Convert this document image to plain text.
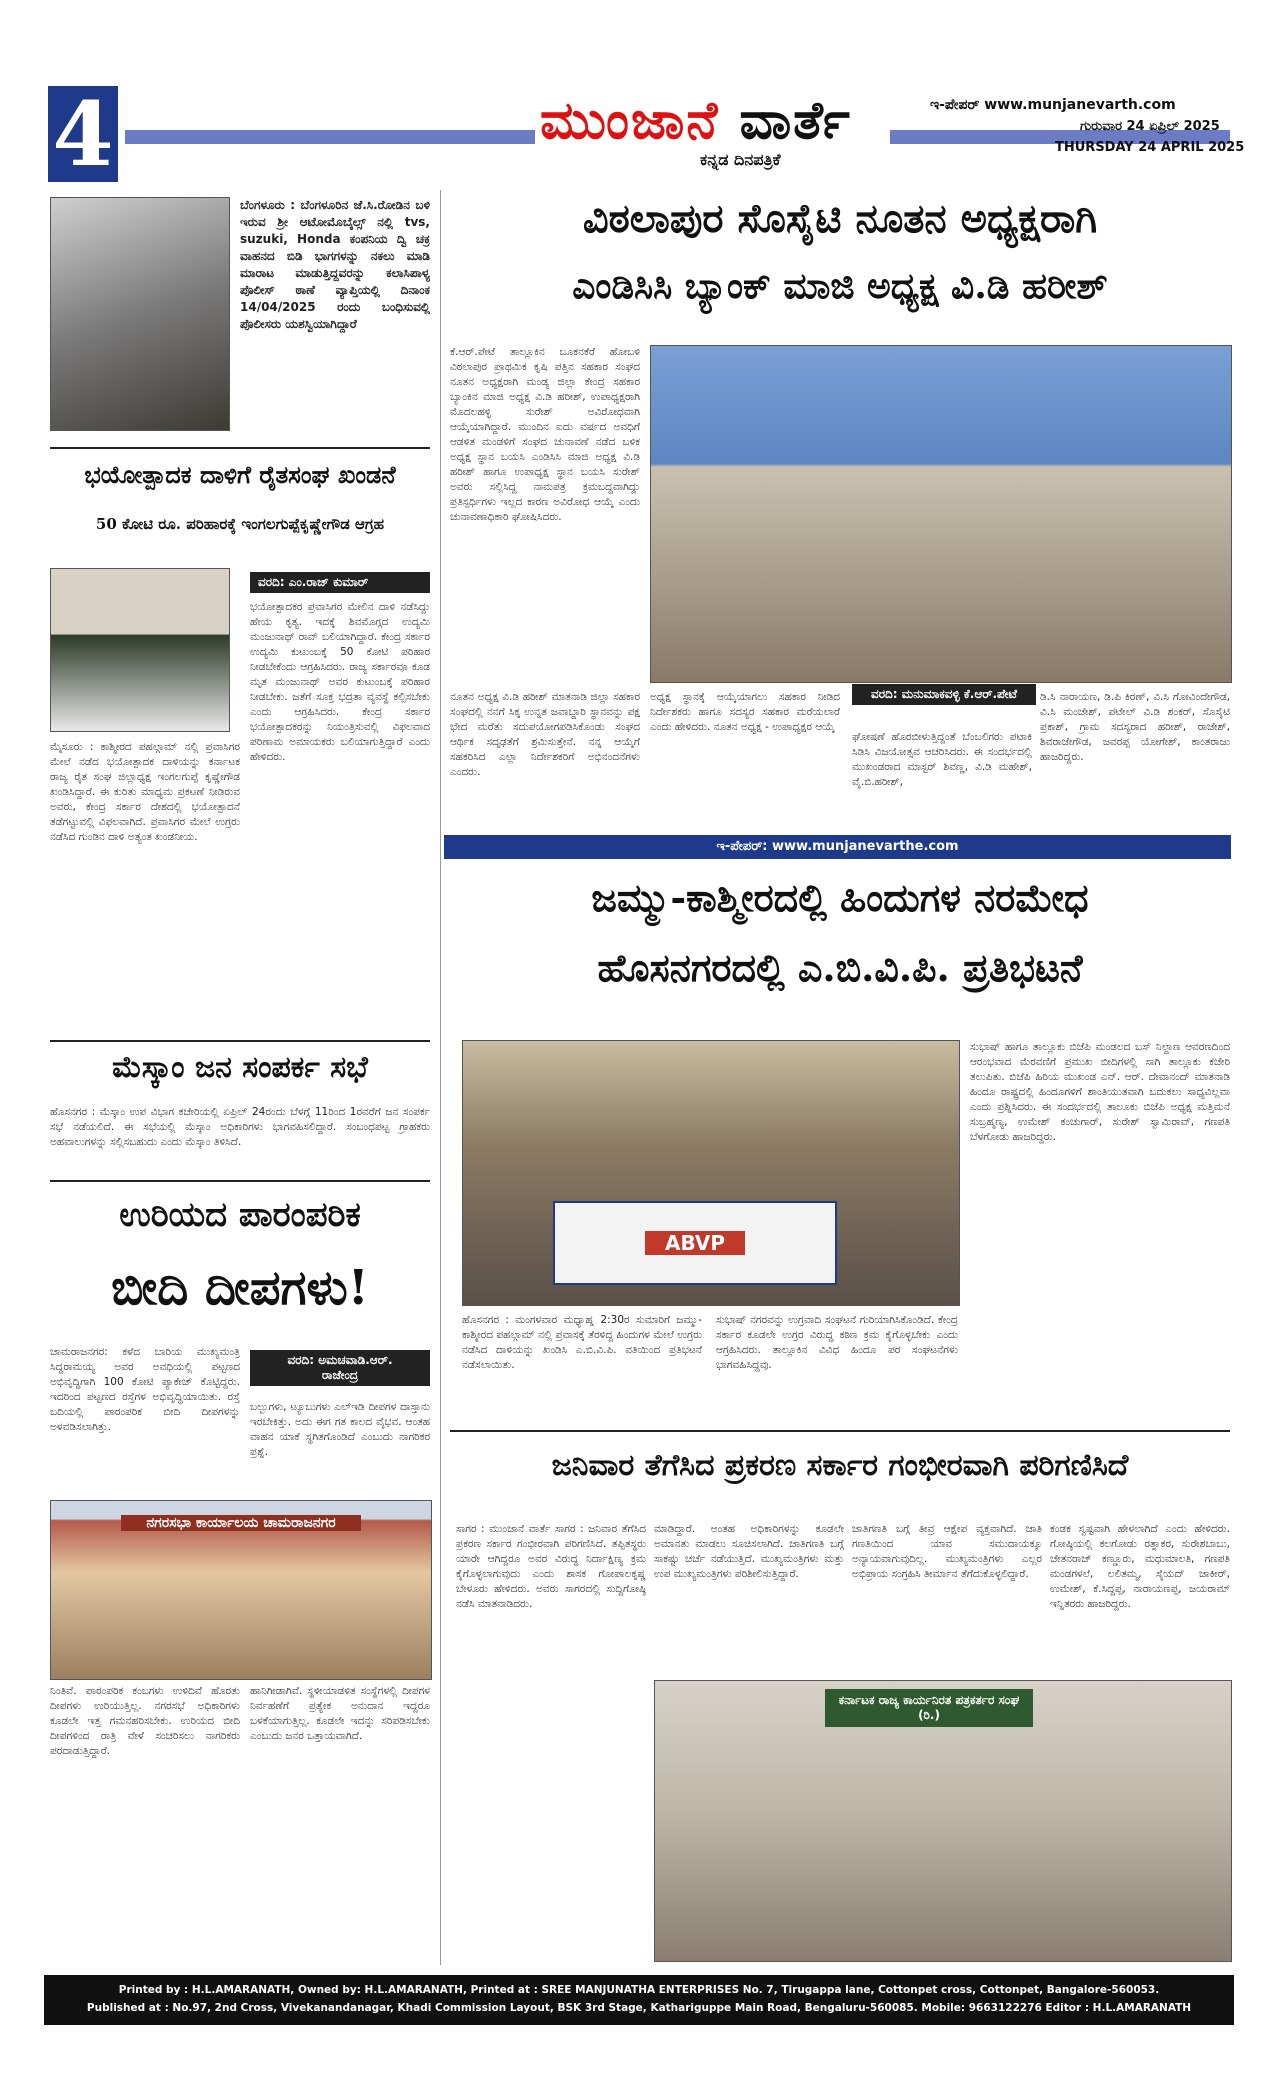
4	ಮುಂಜಾನೆ ವಾರ್ತೆ
ಕನ್ನಡ ದಿನಪತ್ರಿಕೆ
ಇ-ಪೇಪರ್ www.munjanevarth.com
ಗುರುವಾರ 24 ಏಪ್ರಿಲ್ 2025
THURSDAY 24 APRIL 2025
ಬೆಂಗಳೂರು : ಬೆಂಗಳೂರಿನ ಜೆ.ಸಿ.ರೋಡಿನ ಬಳಿ ಇರುವ ಶ್ರೀ ಆಟೋಮೊಬೈಲ್ಸ್ ನಲ್ಲಿ tvs, suzuki, Honda ಕಂಪನಿಯ ದ್ವಿ ಚಕ್ರ ವಾಹನದ ಬಿಡಿ ಭಾಗಗಳನ್ನು ನಕಲು ಮಾಡಿ ಮಾರಾಟ ಮಾಡುತ್ತಿದ್ದವರನ್ನು ಕಲಾಸಿಪಾಳ್ಯ ಪೊಲೀಸ್ ಠಾಣೆ ವ್ಯಾಪ್ತಿಯಲ್ಲಿ ದಿನಾಂಕ 14/04/2025 ರಂದು ಬಂಧಿಸುವಲ್ಲಿ ಪೊಲೀಸರು ಯಶಸ್ವಿಯಾಗಿದ್ದಾರೆ
ಭಯೋತ್ಪಾದಕ ದಾಳಿಗೆ ರೈತಸಂಘ ಖಂಡನೆ
50 ಕೋಟಿ ರೂ. ಪರಿಹಾರಕ್ಕೆ ಇಂಗಲಗುಪ್ಪೆಕೃಷ್ಣೇಗೌಡ ಆಗ್ರಹ
ವರದಿ: ಎಂ.ರಾಜ್ ಕುಮಾರ್
ಭಯೋತ್ಪಾದಕರ ಪ್ರವಾಸಿಗರ ಮೇಲಿನ ದಾಳಿ ನಡೆಸಿದ್ದು ಹೇಯ ಕೃತ್ಯ. ಇದಕ್ಕೆ ಶಿವಮೊಗ್ಗದ ಉದ್ಯಮಿ ಮಂಜುನಾಥ್ ರಾವ್ ಬಲಿಯಾಗಿದ್ದಾರೆ. ಕೇಂದ್ರ ಸರ್ಕಾರ ಉದ್ಯಮಿ ಕುಟುಂಬಕ್ಕೆ 50 ಕೋಟಿ ಪರಿಹಾರ ನೀಡಬೇಕೆಂದು ಆಗ್ರಹಿಸಿದರು. ರಾಜ್ಯ ಸರ್ಕಾರವೂ ಕೂಡ ಮೃತ ಮಂಜುನಾಥ್ ಅವರ ಕುಟುಂಬಕ್ಕೆ ಪರಿಹಾರ ನೀಡಬೇಕು. ಜತೆಗೆ ಸೂಕ್ತ ಭದ್ರತಾ ವ್ಯವಸ್ಥೆ ಕಲ್ಪಿಸಬೇಕು ಎಂದು ಆಗ್ರಹಿಸಿದರು. ಕೇಂದ್ರ ಸರ್ಕಾರ ಭಯೋತ್ಪಾದಕರನ್ನು ನಿಯಂತ್ರಿಸುವಲ್ಲಿ ವಿಫಲವಾದ ಪರಿಣಾಮ ಅಮಾಯಕರು ಬಲಿಯಾಗುತ್ತಿದ್ದಾರೆ ಎಂದು ಹೇಳಿದರು.
ಮೈಸೂರು : ಕಾಶ್ಮೀರದ ಪಹಲ್ಗಾಮ್ ನಲ್ಲಿ ಪ್ರವಾಸಿಗರ ಮೇಲೆ ನಡೆದ ಭಯೋತ್ಪಾದಕ ದಾಳಿಯನ್ನು ಕರ್ನಾಟಕ ರಾಜ್ಯ ರೈತ ಸಂಘ ಜಿಲ್ಲಾಧ್ಯಕ್ಷ ಇಂಗಲಗುಪ್ಪೆ ಕೃಷ್ಣೇಗೌಡ ಖಂಡಿಸಿದ್ದಾರೆ. ಈ ಕುರಿತು ಮಾಧ್ಯಮ ಪ್ರಕಟಣೆ ನೀಡಿರುವ ಅವರು, ಕೇಂದ್ರ ಸರ್ಕಾರ ದೇಶದಲ್ಲಿ ಭಯೋತ್ಪಾದನೆ ತಡೆಗಟ್ಟುವಲ್ಲಿ ವಿಫಲವಾಗಿದೆ. ಪ್ರವಾಸಿಗರ ಮೇಲೆ ಉಗ್ರರು ನಡೆಸಿದ ಗುಂಡಿನ ದಾಳಿ ಅತ್ಯಂತ ಖಂಡನೀಯ.
ಮೆಸ್ಕಾಂ ಜನ ಸಂಪರ್ಕ ಸಭೆ
ಹೊಸನಗರ : ಮೆಸ್ಕಾಂ ಉಪ ವಿಭಾಗ ಕಚೇರಿಯಲ್ಲಿ ಏಪ್ರಿಲ್ 24ರಂದು ಬೆಳಗ್ಗೆ 11ರಿಂದ 1ರವರೆಗೆ ಜನ ಸಂಪರ್ಕ ಸಭೆ ನಡೆಯಲಿದೆ. ಈ ಸಭೆಯಲ್ಲಿ ಮೆಸ್ಕಾಂ ಅಧಿಕಾರಿಗಳು ಭಾಗವಹಿಸಲಿದ್ದಾರೆ. ಸಂಬಂಧಪಟ್ಟ ಗ್ರಾಹಕರು ಅಹವಾಲುಗಳನ್ನು ಸಲ್ಲಿಸಬಹುದು ಎಂದು ಮೆಸ್ಕಾಂ ತಿಳಿಸಿದೆ.
ಉರಿಯದ ಪಾರಂಪರಿಕ
ಬೀದಿ ದೀಪಗಳು!
ಚಾಮರಾಜನಗರ: ಕಳೆದ ಬಾರಿಯ ಮುಖ್ಯಮಂತ್ರಿ ಸಿದ್ದರಾಮಯ್ಯ ಅವರ ಅವಧಿಯಲ್ಲಿ ಪಟ್ಟಣದ ಅಭಿವೃದ್ಧಿಗಾಗಿ 100 ಕೋಟಿ ಪ್ಯಾಕೇಜ್ ಕೊಟ್ಟಿದ್ದರು. ಇದರಿಂದ ಪಟ್ಟಣದ ರಸ್ತೆಗಳ ಅಭಿವೃದ್ಧಿಯಾಯಿತು. ರಸ್ತೆ ಬದಿಯಲ್ಲಿ ಪಾರಂಪರಿಕ ಬೀದಿ ದೀಪಗಳನ್ನು ಅಳವಡಿಸಲಾಗಿತ್ತು.
ವರದಿ: ಅಮಚವಾಡಿ.ಆರ್.
ರಾಜೇಂದ್ರ
ಬಲ್ಬುಗಳು, ಟ್ಯೂಬುಗಳು ಎಲ್‌ಇಡಿ ದೀಪಗಳ ದಾಸ್ತಾನು ಇರಬೇಕಿತ್ತು. ಅದು ಈಗ ಗತ ಕಾಲದ ವೈಭವ. ಆಂತಹ ವಾಹನ ಯಾಕೆ ಸ್ಥಗಿತಗೊಂಡಿದೆ ಎಂಬುದು ನಾಗರಿಕರ ಪ್ರಶ್ನೆ.
ನಗರಸಭಾ ಕಾರ್ಯಾಲಯ ಚಾಮರಾಜನಗರ
ನಿಂತಿವೆ. ಪಾರಂಪರಿಕ ಕಂಬಗಳು ಉಳಿದಿವೆ ಹೊರತು ದೀಪಗಳು ಉರಿಯುತ್ತಿಲ್ಲ. ನಗರಸಭೆ ಅಧಿಕಾರಿಗಳು ಕೂಡಲೇ ಇತ್ತ ಗಮನಹರಿಸಬೇಕು. ಉರಿಯದ ಬೀದಿ ದೀಪಗಳಿಂದ ರಾತ್ರಿ ವೇಳೆ ಸಂಚರಿಸಲು ನಾಗರಿಕರು ಪರದಾಡುತ್ತಿದ್ದಾರೆ.
ಹಾನಿಗೀಡಾಗಿವೆ. ಸ್ಥಳೀಯಾಡಳಿತ ಸಂಸ್ಥೆಗಳಲ್ಲಿ ದೀಪಗಳ ನಿರ್ವಹಣೆಗೆ ಪ್ರತ್ಯೇಕ ಅನುದಾನ ಇದ್ದರೂ ಬಳಕೆಯಾಗುತ್ತಿಲ್ಲ. ಕೂಡಲೇ ಇದನ್ನು ಸರಿಪಡಿಸಬೇಕು ಎಂಬುದು ಜನರ ಒತ್ತಾಯವಾಗಿದೆ.
ವಿಠಲಾಪುರ ಸೊಸೈಟಿ ನೂತನ ಅಧ್ಯಕ್ಷರಾಗಿ
ಎಂಡಿಸಿಸಿ ಬ್ಯಾಂಕ್ ಮಾಜಿ ಅಧ್ಯಕ್ಷ ವಿ.ಡಿ ಹರೀಶ್
ಕೆ.ಆರ್.ಪೇಟೆ ತಾಲ್ಲೂಕಿನ ಬೂಕನಕೆರೆ ಹೋಬಳಿ ವಿಠಲಾಪುರ ಪ್ರಾಥಮಿಕ ಕೃಷಿ ಪತ್ತಿನ ಸಹಕಾರ ಸಂಘದ ನೂತನ ಅಧ್ಯಕ್ಷರಾಗಿ ಮಂಡ್ಯ ಜಿಲ್ಲಾ ಕೇಂದ್ರ ಸಹಕಾರ ಬ್ಯಾಂಕಿನ ಮಾಜಿ ಅಧ್ಯಕ್ಷ ವಿ.ಡಿ ಹರೀಶ್, ಉಪಾಧ್ಯಕ್ಷರಾಗಿ ಮೊದಲಹಳ್ಳಿ ಸುರೇಶ್ ಅವಿರೋಧವಾಗಿ ಆಯ್ಕೆಯಾಗಿದ್ದಾರೆ. ಮುಂದಿನ ಐದು ವರ್ಷದ ಅವಧಿಗೆ ಆಡಳಿತ ಮಂಡಳಿಗೆ ಸಂಘದ ಚುನಾವಣೆ ನಡೆದ ಬಳಿಕ ಅಧ್ಯಕ್ಷ ಸ್ಥಾನ ಬಯಸಿ ಎಂಡಿಸಿಸಿ ಮಾಜಿ ಅಧ್ಯಕ್ಷ ವಿ.ಡಿ ಹರೀಶ್ ಹಾಗೂ ಉಪಾಧ್ಯಕ್ಷ ಸ್ಥಾನ ಬಯಸಿ ಸುರೇಶ್ ಅವರು ಸಲ್ಲಿಸಿದ್ದ ನಾಮಪತ್ರ ಕ್ರಮಬದ್ಧವಾಗಿದ್ದು ಪ್ರತಿಸ್ಪರ್ಧಿಗಳು ಇಲ್ಲದ ಕಾರಣ ಅವಿರೋಧ ಆಯ್ಕೆ ಎಂದು ಚುನಾವಣಾಧಿಕಾರಿ ಘೋಷಿಸಿದರು.
ನೂತನ ಅಧ್ಯಕ್ಷ ವಿ.ಡಿ ಹರೀಶ್ ಮಾತನಾಡಿ ಜಿಲ್ಲಾ ಸಹಕಾರ ಸಂಘದಲ್ಲಿ ನನಗೆ ಸಿಕ್ಕ ಉನ್ನತ ಜವಾಬ್ದಾರಿ ಸ್ಥಾನವನ್ನು ಪಕ್ಷ ಭೇದ ಮರೆತು ಸದುಪಯೋಗಪಡಿಸಿಕೊಂಡು ಸಂಘದ ಆರ್ಥಿಕ ಸದೃಢತೆಗೆ ಶ್ರಮಿಸುತ್ತೇನೆ. ನನ್ನ ಆಯ್ಕೆಗೆ ಸಹಕರಿಸಿದ ಎಲ್ಲಾ ನಿರ್ದೇಶಕರಿಗೆ ಅಭಿನಂದನೆಗಳು ಎಂದರು.
ಅಧ್ಯಕ್ಷ ಸ್ಥಾನಕ್ಕೆ ಆಯ್ಕೆಯಾಗಲು ಸಹಕಾರ ನೀಡಿದ ನಿರ್ದೇಶಕರು ಹಾಗೂ ಸದಸ್ಯರ ಸಹಕಾರ ಮರೆಯಲಾರೆ ಎಂದು ಹೇಳಿದರು. ನೂತನ ಅಧ್ಯಕ್ಷ - ಉಪಾಧ್ಯಕ್ಷರ ಆಯ್ಕೆ
ವರದಿ: ಮನುಮಾಕವಳ್ಳಿ ಕೆ.ಆರ್.ಪೇಟೆ
ಘೋಷಣೆ ಹೊರಬೀಳುತ್ತಿದ್ದಂತೆ ಬೆಂಬಲಿಗರು ಪಟಾಕಿ ಸಿಡಿಸಿ ವಿಜಯೋತ್ಸವ ಆಚರಿಸಿದರು. ಈ ಸಂದರ್ಭದಲ್ಲಿ ಮುಖಂಡರಾದ ಮಾಸ್ಟರ್ ಶಿವಣ್ಣ, ವಿ.ಡಿ ಮಹೇಶ್, ವೈ.ಬಿ.ಹರೀಶ್,
ಡಿ.ಸಿ ನಾರಾಯಣ, ಡಿ.ಪಿ ಕಿರಣ್, ವಿ.ಸಿ ಗೋವಿಂದೇಗೌಡ, ವಿ.ಸಿ ಮಂಜೇಶ್, ಪಟೇಲ್ ವಿ.ಡಿ ಶಂಕರ್, ಸೊಸೈಟಿ ಪ್ರಕಾಶ್, ಗ್ರಾಮ ಸದಸ್ಯರಾದ ಹರೀಶ್, ರಾಜೇಶ್, ಶಿವರಾಜೇಗೌಡ, ಜವರಪ್ಪ ಯೋಗೇಶ್, ಕಾಂತರಾಜು ಹಾಜರಿದ್ದರು.
ಇ-ಪೇಪರ್: www.munjanevarthe.com
ಜಮ್ಮು-ಕಾಶ್ಮೀರದಲ್ಲಿ ಹಿಂದುಗಳ ನರಮೇಧ
ಹೊಸನಗರದಲ್ಲಿ ಎ.ಬಿ.ವಿ.ಪಿ. ಪ್ರತಿಭಟನೆ
ABVP
ಸುಭಾಷ್ ಹಾಗೂ ತಾಲ್ಲೂಕು ಬಿಜೆಪಿ ಮಂಡಲದ ಬಸ್ ನಿಲ್ದಾಣ ಆವರಣದಿಂದ ಆರಂಭವಾದ ಮೆರವಣಿಗೆ ಪ್ರಮುಖ ಬೀದಿಗಳಲ್ಲಿ ಸಾಗಿ ತಾಲ್ಲೂಕು ಕಚೇರಿ ತಲುಪಿತು. ಬಿಜೆಪಿ ಹಿರಿಯ ಮುಖಂಡ ಎನ್. ಆರ್. ದೇವಾನಂದ್ ಮಾತನಾಡಿ ಹಿಂದೂ ರಾಷ್ಟ್ರದಲ್ಲಿ ಹಿಂದೂಗಳಿಗೆ ಶಾಂತಿಯುತವಾಗಿ ಬದುಕಲು ಸಾಧ್ಯವಿಲ್ಲವಾ ಎಂದು ಪ್ರಶ್ನಿಸಿದರು. ಈ ಸಂದರ್ಭದಲ್ಲಿ ತಾಲೂಕು ಬಿಜೆಪಿ ಅಧ್ಯಕ್ಷ ಮತ್ತಿಮನೆ ಸುಬ್ರಹ್ಮಣ್ಯ, ಉಮೇಶ್ ಕಂಚುಗಾರ್, ಸುರೇಶ್ ಸ್ವಾಮಿರಾವ್, ಗಣಪತಿ ಬೆಳಗೋಡು ಹಾಜರಿದ್ದರು.
ಹೊಸನಗರ : ಮಂಗಳವಾರ ಮಧ್ಯಾಹ್ನ 2:30ರ ಸುಮಾರಿಗೆ ಜಮ್ಮು-ಕಾಶ್ಮೀರದ ಪಹಲ್ಗಾಮ್ ನಲ್ಲಿ ಪ್ರವಾಸಕ್ಕೆ ತೆರಳಿದ್ದ ಹಿಂದುಗಳ ಮೇಲೆ ಉಗ್ರರು ನಡೆಸಿದ ದಾಳಿಯನ್ನು ಖಂಡಿಸಿ ಎ.ಬಿ.ವಿ.ಪಿ. ವತಿಯಿಂದ ಪ್ರತಿಭಟನೆ ನಡೆಸಲಾಯಿತು.
ಸುಭಾಷ್ ನಗರವನ್ನು ಉಗ್ರವಾದಿ ಸಂಘಟನೆ ಗುರಿಯಾಗಿಸಿಕೊಂಡಿದೆ. ಕೇಂದ್ರ ಸರ್ಕಾರ ಕೂಡಲೇ ಉಗ್ರರ ವಿರುದ್ಧ ಕಠಿಣ ಕ್ರಮ ಕೈಗೊಳ್ಳಬೇಕು ಎಂದು ಆಗ್ರಹಿಸಿದರು. ತಾಲ್ಲೂಕಿನ ವಿವಿಧ ಹಿಂದೂ ಪರ ಸಂಘಟನೆಗಳು ಭಾಗವಹಿಸಿದ್ದವು.
ಜನಿವಾರ ತೆಗೆಸಿದ ಪ್ರಕರಣ ಸರ್ಕಾರ ಗಂಭೀರವಾಗಿ ಪರಿಗಣಿಸಿದೆ
ಸಾಗರ : ಮುಂಜಾನೆ ವಾರ್ತೆ ಸಾಗರ : ಜನಿವಾರ ತೆಗೆಸಿದ ಪ್ರಕರಣ ಸರ್ಕಾರ ಗಂಭೀರವಾಗಿ ಪರಿಗಣಿಸಿದೆ. ತಪ್ಪಿತಸ್ಥರು ಯಾರೇ ಆಗಿದ್ದರೂ ಅವರ ವಿರುದ್ಧ ನಿರ್ದಾಕ್ಷಿಣ್ಯ ಕ್ರಮ ಕೈಗೊಳ್ಳಲಾಗುವುದು ಎಂದು ಶಾಸಕ ಗೋಪಾಲಕೃಷ್ಣ ಬೇಳೂರು ಹೇಳಿದರು. ಅವರು ಸಾಗರದಲ್ಲಿ ಸುದ್ದಿಗೋಷ್ಠಿ ನಡೆಸಿ ಮಾತನಾಡಿದರು.
ಮಾಡಿದ್ದಾರೆ. ಅಂತಹ ಅಧಿಕಾರಿಗಳನ್ನು ಕೂಡಲೇ ಅಮಾನತು ಮಾಡಲು ಸೂಚಿಸಲಾಗಿದೆ. ಜಾತಿಗಣತಿ ಬಗ್ಗೆ ಸಾಕಷ್ಟು ಚರ್ಚೆ ನಡೆಯುತ್ತಿದೆ. ಮುಖ್ಯಮಂತ್ರಿಗಳು ಮತ್ತು ಉಪ ಮುಖ್ಯಮಂತ್ರಿಗಳು ಪರಿಶೀಲಿಸುತ್ತಿದ್ದಾರೆ.
ಜಾತಿಗಣತಿ ಬಗ್ಗೆ ತೀವ್ರ ಆಕ್ಷೇಪ ವ್ಯಕ್ತವಾಗಿದೆ. ಜಾತಿ ಗಣತಿಯಿಂದ ಯಾವ ಸಮುದಾಯಕ್ಕೂ ಅನ್ಯಾಯವಾಗುವುದಿಲ್ಲ. ಮುಖ್ಯಮಂತ್ರಿಗಳು ಎಲ್ಲರ ಅಭಿಪ್ರಾಯ ಸಂಗ್ರಹಿಸಿ ತೀರ್ಮಾನ ತೆಗೆದುಕೊಳ್ಳಲಿದ್ದಾರೆ.
ಕಂಡಕ ಸ್ವಷ್ಟವಾಗಿ ಹೇಳಲಾಗಿದೆ ಎಂದು ಹೇಳಿದರು. ಗೋಷ್ಠಿಯಲ್ಲಿ ಕಲಗೋಡು ರತ್ನಾಕರ, ಸುರೇಶಬಾಬು, ಚೇತನರಾಜ್ ಕಣ್ಣೂರು, ಮಧುಮಾಲತಿ, ಗಣಪತಿ ಮಂಡಗಳಲೆ, ಲಲಿತಮ್ಮ, ಸೈಯದ್ ಜಾಕೀರ್, ಉಮೇಶ್, ಕೆ.ಸಿದ್ದಪ್ಪ, ನಾರಾಯಣಪ್ಪ, ಜಯರಾಮ್ ಇನ್ನಿತರರು ಹಾಜರಿದ್ದರು.
ಕರ್ನಾಟಕ ರಾಜ್ಯ ಕಾರ್ಯನಿರತ ಪತ್ರಕರ್ತರ ಸಂಘ (ರಿ.)
Printed by : H.L.AMARANATH, Owned by: H.L.AMARANATH, Printed at : SREE MANJUNATHA ENTERPRISES No. 7, Tirugappa lane, Cottonpet cross, Cottonpet, Bangalore-560053.
Published at : No.97, 2nd Cross, Vivekanandanagar, Khadi Commission Layout, BSK 3rd Stage, Kathariguppe Main Road, Bengaluru-560085. Mobile: 9663122276 Editor : H.L.AMARANATH
